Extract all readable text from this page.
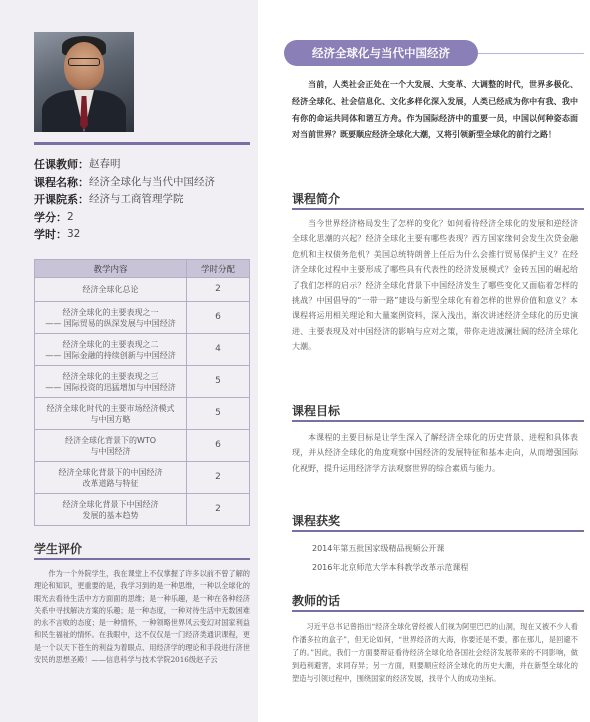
任课教师： 赵春明
课程名称： 经济全球化与当代中国经济
开课院系： 经济与工商管理学院
学分： 2
学时： 32
教学内容	学时分配
经济全球化总论	2

经济全球化的主要表现之一
—— 国际贸易的纵深发展与中国经济	6

经济全球化的主要表现之二
—— 国际金融的持续创新与中国经济	4

经济全球化的主要表现之三
—— 国际投资的迅猛增加与中国经济	5

经济全球化时代的主要市场经济模式
与中国方略	5

经济全球化背景下的WTO
与中国经济	6

经济全球化背景下的中国经济
改革道路与特征	2

经济全球化背景下中国经济
发展的基本趋势	2
学生评价
作为一个外院学生，我在课堂上不仅掌握了许多以前不曾了解的理论和知识，更重要的是，我学习到的是一种思维，一种以全球化的眼光去看待生活中方方面面的思维；是一种乐趣，是一种在各种经济关系中寻找解决方案的乐趣；是一种态度，一种对待生活中无数困难的永不言败的态度；是一种情怀，一种领略世界风云变幻对国家利益和民生福祉的情怀。在我眼中，这不仅仅是一门经济类通识课程，更是一个以天下苍生的利益为着眼点、用经济学的理论和手段进行济世安民的思想圣殿！——信息科学与技术学院2016级赵子云
经济全球化与当代中国经济
当前，人类社会正处在一个大发展、大变革、大调整的时代，世界多极化、经济全球化、社会信息化、文化多样化深入发展，人类已经成为你中有我、我中有你的命运共同体和谐互方舟。作为国际经济中的重要一员，中国以何种姿态面对当前世界？既要顺应经济全球化大潮，又将引领新型全球化的前行之路！
课程简介
当今世界经济格局发生了怎样的变化？如何看待经济全球化的发展和逆经济全球化思潮的兴起？经济全球化主要有哪些表现？西方国家缘何会发生次贷金融危机和主权债务危机？美国总统特朗普上任后为什么会推行贸易保护主义？在经济全球化过程中主要形成了哪些具有代表性的经济发展模式？金砖五国的崛起给了我们怎样的启示？经济全球化背景下中国经济发生了哪些变化又面临着怎样的挑战？中国倡导的“一带一路”建设与新型全球化有着怎样的世界价值和意义？本课程将运用相关理论和大量案例资料，深入浅出，渐次讲述经济全球化的历史演进、主要表现及对中国经济的影响与应对之策，带你走进波澜壮阔的经济全球化大潮。
课程目标
本课程的主要目标是让学生深入了解经济全球化的历史背景、进程和具体表现，并从经济全球化的角度观察中国经济的发展特征和基本走向，从而增强国际化视野，提升运用经济学方法观察世界的综合素质与能力。
课程获奖
2014年第五批国家级精品视频公开课
2016年北京师范大学本科教学改革示范课程
教师的话
习近平总书记曾指出“经济全球化曾经被人们视为阿里巴巴的山洞，现在又被不少人看作潘多拉的盒子”，但无论如何，“世界经济的大海，你要还是不要，都在那儿，是回避不了的。”因此，我们一方面要辩证看待经济全球化给各国社会经济发展带来的不同影响，做到趋利避害，求同存异；另一方面，则要顺应经济全球化的历史大潮，并在新型全球化的塑造与引领过程中，围绕国家的经济发展，找寻个人的成功坐标。
